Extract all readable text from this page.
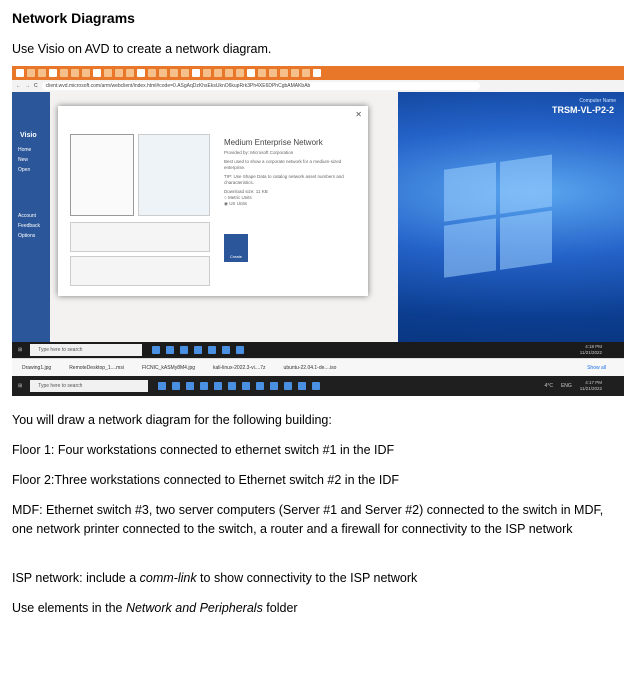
Network Diagrams
Use Visio on AVD to create a network diagram.
← → C	client.wvd.microsoft.com/arm/webclient/index.html#code=0.ASgAqDzKhsEksUknO6kupRrk3Ph4XE6DPhCgbAMAKbAb
Computer Name
TRSM-VL-P2-2
Visio
Home
New
Open
Account
Feedback
Options
✕
Medium Enterprise Network
Provided by: Microsoft Corporation
Best used to show a corporate network for a medium-sized enterprise.
TIP: Use Shape Data to catalog network asset numbers and characteristics.
Download size: 11 KB
○ Metric Units
◉ US Units
Create
⊞	Type here to search
4:18 PM
11/21/2022
Drawing1.jpg	RemoteDesktop_1....msi	FICNIC_kASMy8M4.jpg	kali-linux-2022.3-vi....7z	ubuntu-22.04.1-de....iso	Show all
⊞	Type here to search	4°C ENG
4:17 PM
11/21/2022
You will draw a network diagram for the following building:
Floor 1: Four workstations connected to ethernet switch #1 in the IDF
Floor 2:Three workstations connected to Ethernet switch #2 in the IDF
MDF: Ethernet switch #3, two server computers (Server #1 and Server #2) connected to the switch in MDF, one network printer connected to the switch, a router and a firewall for connectivity to the ISP network
ISP network: include a comm-link to show connectivity to the ISP network
Use elements in the Network and Peripherals folder
